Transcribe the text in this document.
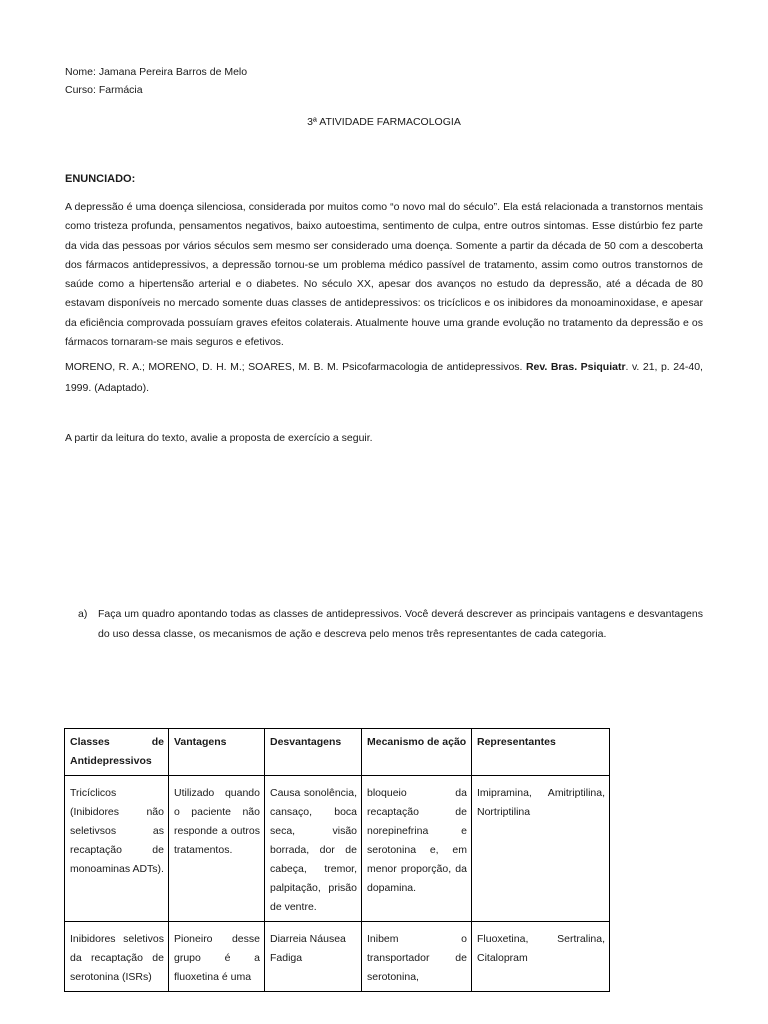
Nome: Jamana Pereira Barros de Melo
Curso: Farmácia
3ª ATIVIDADE FARMACOLOGIA
ENUNCIADO:
A depressão é uma doença silenciosa, considerada por muitos como “o novo mal do século”. Ela está relacionada a transtornos mentais como tristeza profunda, pensamentos negativos, baixo autoestima, sentimento de culpa, entre outros sintomas. Esse distúrbio fez parte da vida das pessoas por vários séculos sem mesmo ser considerado uma doença. Somente a partir da década de 50 com a descoberta dos fármacos antidepressivos, a depressão tornou-se um problema médico passível de tratamento, assim como outros transtornos de saúde como a hipertensão arterial e o diabetes. No século XX, apesar dos avanços no estudo da depressão, até a década de 80 estavam disponíveis no mercado somente duas classes de antidepressivos: os tricíclicos e os inibidores da monoaminoxidase, e apesar da eficiência comprovada possuíam graves efeitos colaterais. Atualmente houve uma grande evolução no tratamento da depressão e os fármacos tornaram-se mais seguros e efetivos.
MORENO, R. A.; MORENO, D. H. M.; SOARES, M. B. M. Psicofarmacologia de antidepressivos. Rev. Bras. Psiquiatr. v. 21, p. 24-40, 1999. (Adaptado).
A partir da leitura do texto, avalie a proposta de exercício a seguir.
a) Faça um quadro apontando todas as classes de antidepressivos. Você deverá descrever as principais vantagens e desvantagens do uso dessa classe, os mecanismos de ação e descreva pelo menos três representantes de cada categoria.
Classes de Antidepressivos	Vantagens	Desvantagens	Mecanismo de ação	Representantes
Tricíclicos (Inibidores não seletivsos as recaptação de monoaminas ADTs).	Utilizado quando o paciente não responde a outros tratamentos.	Causa sonolência, cansaço, boca seca, visão borrada, dor de cabeça, tremor, palpitação, prisão de ventre.	bloqueio da recaptação de norepinefrina e serotonina e, em menor proporção, da dopamina.	Imipramina, Amitriptilina, Nortriptilina
Inibidores seletivos da recaptação de serotonina (ISRs)	Pioneiro desse grupo é a fluoxetina é uma	Diarreia Náusea Fadiga	Inibem o transportador de serotonina,	Fluoxetina, Sertralina, Citalopram
